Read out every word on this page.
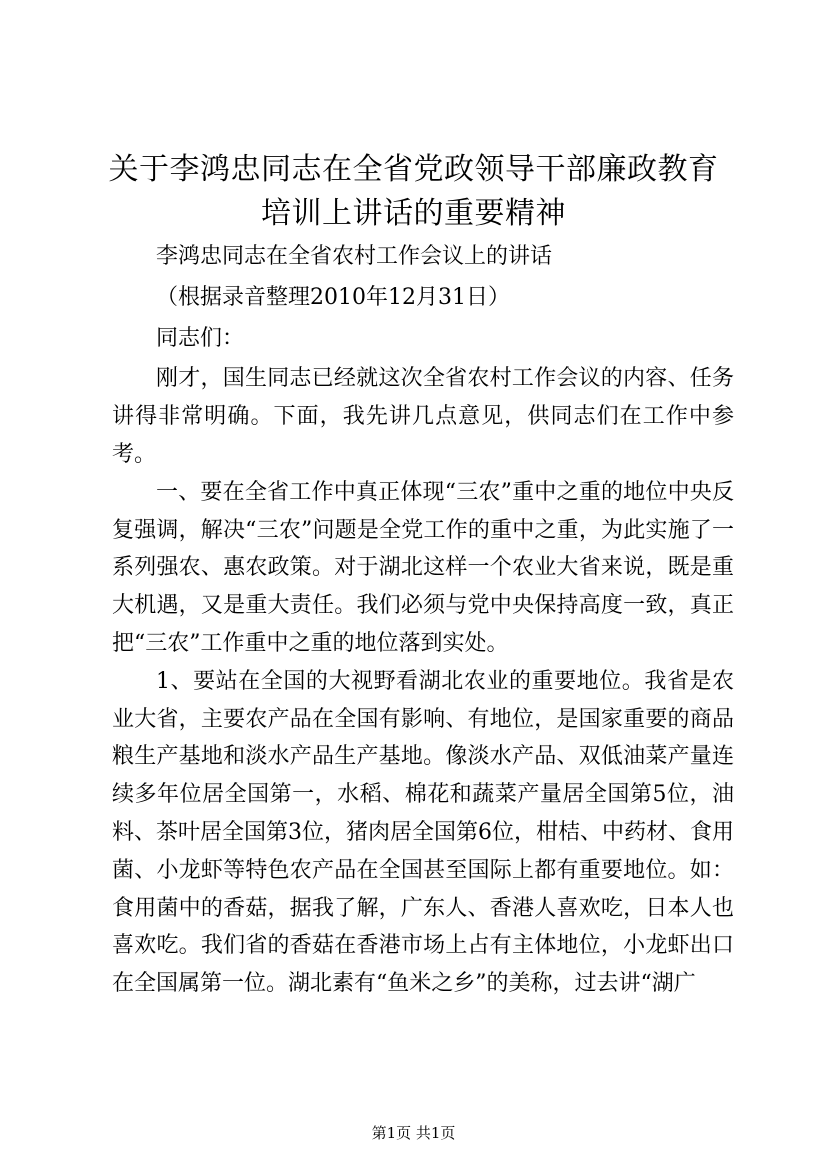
关于李鸿忠同志在全省党政领导干部廉政教育
培训上讲话的重要精神

李鸿忠同志在全省农村工作会议上的讲话

（根据录音整理2010年12月31日）

同志们：

刚才，国生同志已经就这次全省农村工作会议的内容、任务讲得非常明确。下面，我先讲几点意见，供同志们在工作中参考。

一、要在全省工作中真正体现“三农”重中之重的地位中央反复强调，解决“三农”问题是全党工作的重中之重，为此实施了一系列强农、惠农政策。对于湖北这样一个农业大省来说，既是重大机遇，又是重大责任。我们必须与党中央保持高度一致，真正把“三农”工作重中之重的地位落到实处。

1、要站在全国的大视野看湖北农业的重要地位。我省是农业大省，主要农产品在全国有影响、有地位，是国家重要的商品粮生产基地和淡水产品生产基地。像淡水产品、双低油菜产量连续多年位居全国第一，水稻、棉花和蔬菜产量居全国第5位，油料、茶叶居全国第3位，猪肉居全国第6位，柑桔、中药材、食用菌、小龙虾等特色农产品在全国甚至国际上都有重要地位。如：食用菌中的香菇，据我了解，广东人、香港人喜欢吃，日本人也喜欢吃。我们省的香菇在香港市场上占有主体地位，小龙虾出口在全国属第一位。湖北素有“鱼米之乡”的美称，过去讲“湖广

第1页 共1页
